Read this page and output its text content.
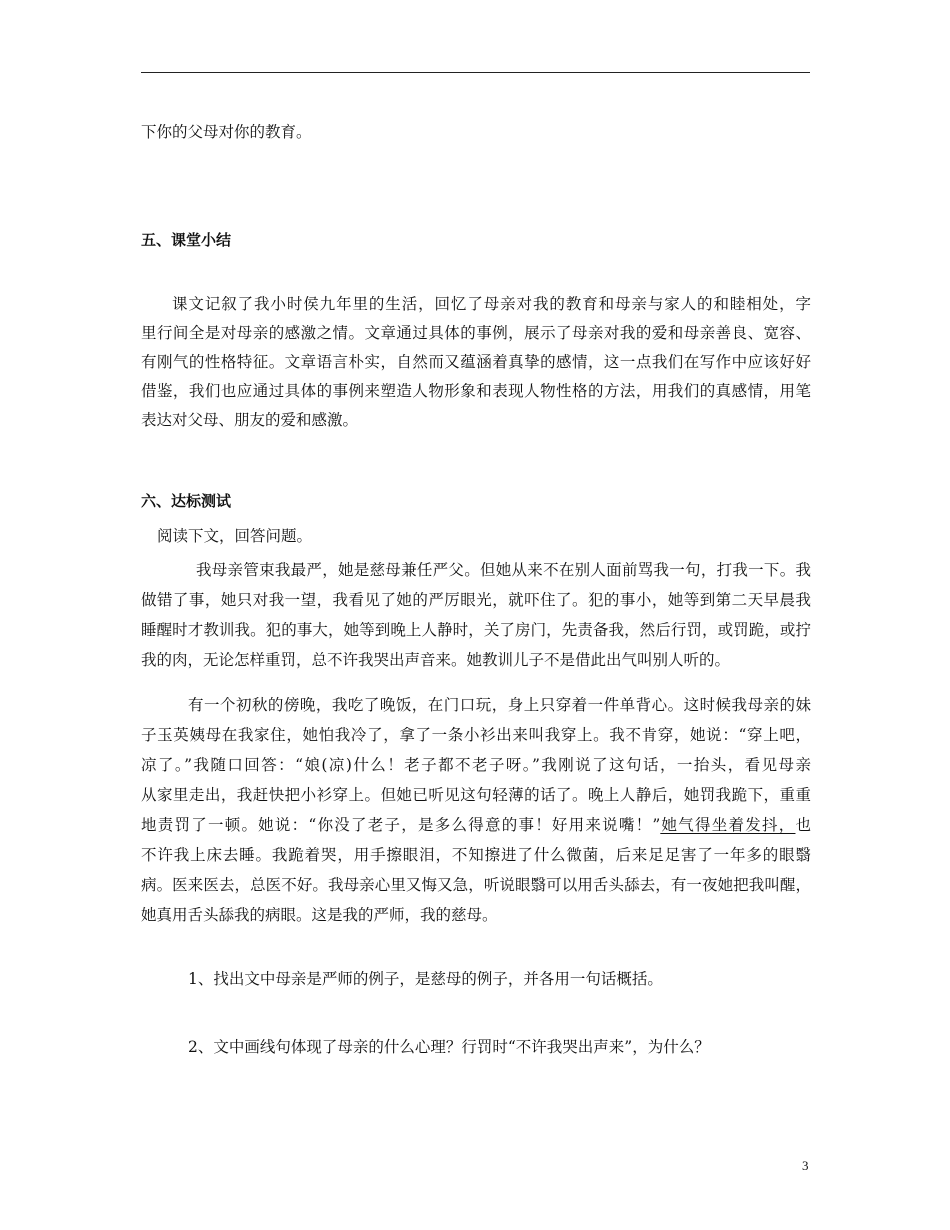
下你的父母对你的教育。
五、课堂小结
课文记叙了我小时侯九年里的生活，回忆了母亲对我的教育和母亲与家人的和睦相处，字
里行间全是对母亲的感激之情。文章通过具体的事例，展示了母亲对我的爱和母亲善良、宽容、
有刚气的性格特征。文章语言朴实，自然而又蕴涵着真挚的感情，这一点我们在写作中应该好好
借鉴，我们也应通过具体的事例来塑造人物形象和表现人物性格的方法，用我们的真感情，用笔
表达对父母、朋友的爱和感激。
六、达标测试
阅读下文，回答问题。
我母亲管束我最严，她是慈母兼任严父。但她从来不在别人面前骂我一句，打我一下。我
做错了事，她只对我一望，我看见了她的严厉眼光，就吓住了。犯的事小，她等到第二天早晨我
睡醒时才教训我。犯的事大，她等到晚上人静时，关了房门，先责备我，然后行罚，或罚跪，或拧
我的肉，无论怎样重罚，总不许我哭出声音来。她教训儿子不是借此出气叫别人听的。
有一个初秋的傍晚，我吃了晚饭，在门口玩，身上只穿着一件单背心。这时候我母亲的妹
子玉英姨母在我家住，她怕我冷了，拿了一条小衫出来叫我穿上。我不肯穿，她说：“穿上吧，
凉了。”我随口回答：“娘(凉)什么！老子都不老子呀。”我刚说了这句话，一抬头，看见母亲
从家里走出，我赶快把小衫穿上。但她已听见这句轻薄的话了。晚上人静后，她罚我跪下，重重
地责罚了一顿。她说：“你没了老子，是多么得意的事！好用来说嘴！”她气得坐着发抖，也
不许我上床去睡。我跪着哭，用手擦眼泪，不知擦进了什么微菌，后来足足害了一年多的眼翳
病。医来医去，总医不好。我母亲心里又悔又急，听说眼翳可以用舌头舔去，有一夜她把我叫醒，
她真用舌头舔我的病眼。这是我的严师，我的慈母。
1、找出文中母亲是严师的例子，是慈母的例子，并各用一句话概括。
2、文中画线句体现了母亲的什么心理？行罚时“不许我哭出声来”，为什么？
3
